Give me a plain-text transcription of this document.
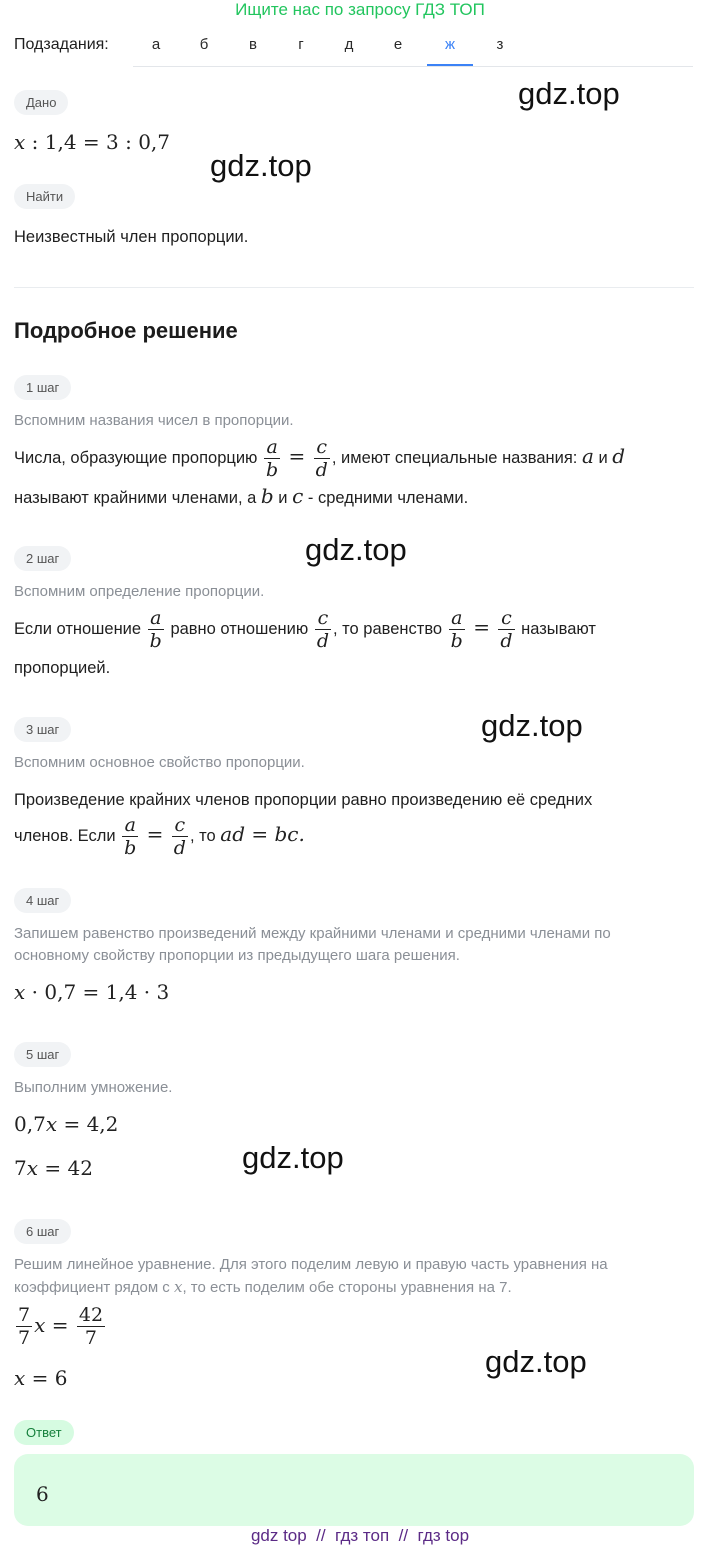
Ищите нас по запросу ГДЗ ТОП
Подзадания:	а	б	в	г	д	е	ж	з
gdz.top
gdz.top
gdz.top
gdz.top
gdz.top
gdz.top
Дано
x : 1,4 = 3 : 0,7
Найти
Неизвестный член пропорции.
Подробное решение
1 шаг
Вспомним названия чисел в пропорции.
Числа, образующие пропорцию $\frac{a}{b} = \frac{c}{d}$ , имеют специальные названия: a и d
называют крайними членами, а b и c - средними членами.
2 шаг
Вспомним определение пропорции.
Если отношение $\frac{a}{b}$ равно отношению $\frac{c}{d}$ , то равенство $\frac{a}{b} = \frac{c}{d}$ называют
пропорцией.
3 шаг
Вспомним основное свойство пропорции.
Произведение крайних членов пропорции равно произведению её средних
членов. Если $\frac{a}{b} = \frac{c}{d}$ , то ad = bc.
4 шаг
Запишем равенство произведений между крайними членами и средними членами по
основному свойству пропорции из предыдущего шага решения.
x · 0,7 = 1,4 · 3
5 шаг
Выполним умножение.
0,7x = 4,2
7x = 42
6 шаг
Решим линейное уравнение. Для этого поделим левую и правую часть уравнения на
коэффициент рядом с x, то есть поделим обе стороны уравнения на 7.
$\frac{7}{7}$ $x = \frac{42}{7}$
x = 6
Ответ
6
gdz top  //  гдз топ  //  гдз top
